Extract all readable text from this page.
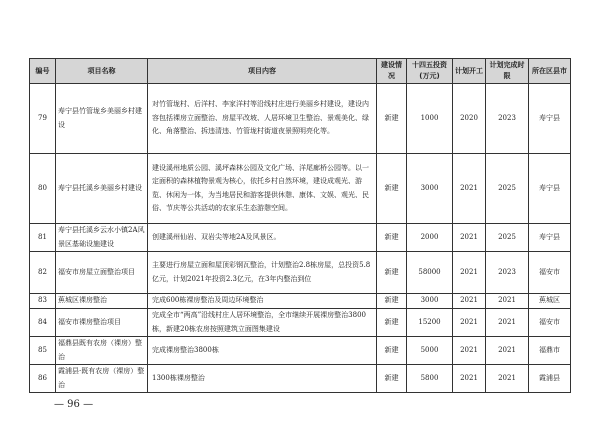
编号	项目名称	项目内容	建设情况	十四五投资(万元)	计划开工	计划完成时限	所在区县市
79	寿宁县竹管垅乡美丽乡村建设	对竹管垅村、后洋村、李家洋村等沿线村庄进行美丽乡村建设，建设内容包括裸房立面整治、房屋平改坡、人居环境卫生整治、景观美化、绿化、角落整治、拆违清违、竹管垅村街道夜景照明亮化等。	新建	1000	2020	2023	寿宁县
80	寿宁县托溪乡美丽乡村建设	建设溪州地质公园、溪坪森林公园及文化广场、洋尾廊桥公园等。以一定面积的森林植物景观为核心，依托乡村自然环境，建设成观光、游览、休闲为一体，为当地居民和游客提供休憩、康体、文娱、观光、民俗、节庆等公共活动的农家乐生态游憩空间。	新建	3000	2021	2025	寿宁县
81	寿宁县托溪乡云水小镇2A风景区基础设施建设	创建溪州仙岩、双岩尖等地2A及风景区。	新建	2000	2021	2025	寿宁县
82	福安市房屋立面整治项目	主要进行房屋立面和屋顶彩钢瓦整治，计划整治2.8栋房屋，总投资5.8亿元，计划2021年投资2.3亿元，在3年内整治到位	新建	58000	2021	2023	福安市
83	蕉城区裸房整治	完成600栋裸房整治及周边环境整治	新建	3000	2021	2021	蕉城区
84	福安市裸房整治项目	完成全市“两高”沿线村庄人居环境整治，全市继续开展裸房整治3800栋，新建20栋农房按照建筑立面图集建设	新建	15200	2021	2021	福安市
85	福鼎县既有农房（裸房）整治	完成裸房整治3800栋	新建	5000	2021	2021	福鼎市
86	霞浦县·既有农房（裸房）整治	1300栋裸房整治	新建	5800	2021	2021	霞浦县
— 96 —
